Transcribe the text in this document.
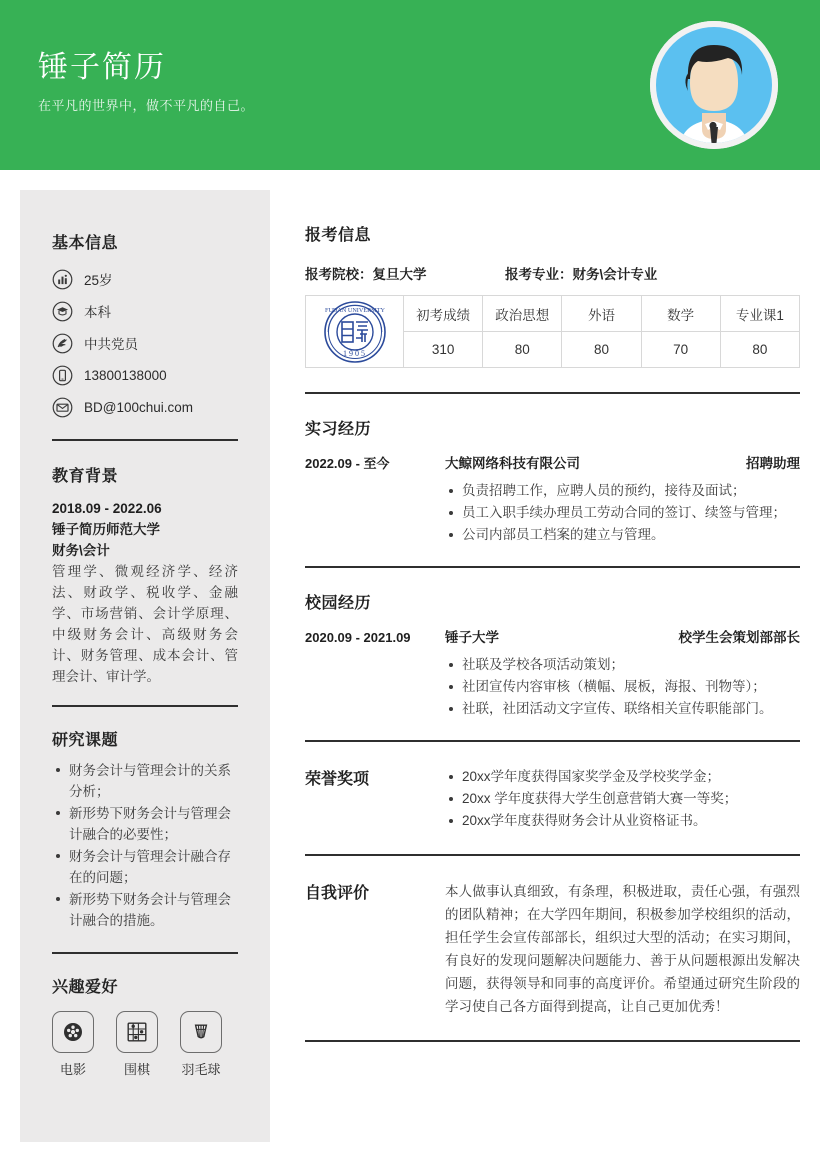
锤子简历
在平凡的世界中，做不平凡的自己。
基本信息
25岁
本科
中共党员
13800138000
BD@100chui.com
教育背景
2018.09 - 2022.06
锤子简历师范大学
财务\会计
管理学、微观经济学、经济法、财政学、税收学、金融学、市场营销、会计学原理、中级财务会计、高级财务会计、财务管理、成本会计、管理会计、审计学。
研究课题
财务会计与管理会计的关系分析；
新形势下财务会计与管理会计融合的必要性；
财务会计与管理会计融合存在的问题；
新形势下财务会计与管理会计融合的措施。
兴趣爱好
电影	围棋	羽毛球
报考信息
报考院校：复旦大学	报考专业：财务\会计专业
FUDAN UNIVERSITY
1905	初考成绩	政治思想	外语	数学	专业课1
	310	80	80	70	80
实习经历
2022.09 - 至今	大鲸网络科技有限公司	招聘助理
负责招聘工作，应聘人员的预约，接待及面试；
员工入职手续办理员工劳动合同的签订、续签与管理；
公司内部员工档案的建立与管理。
校园经历
2020.09 - 2021.09	锤子大学	校学生会策划部部长
社联及学校各项活动策划；
社团宣传内容审核（横幅、展板，海报、刊物等）；
社联，社团活动文字宣传、联络相关宣传职能部门。
荣誉奖项	20xx学年度获得国家奖学金及学校奖学金；
20xx 学年度获得大学生创意营销大赛一等奖；
20xx学年度获得财务会计从业资格证书。
自我评价	本人做事认真细致，有条理，积极进取，责任心强，有强烈的团队精神；在大学四年期间，积极参加学校组织的活动，担任学生会宣传部部长，组织过大型的活动；在实习期间，有良好的发现问题解决问题能力、善于从问题根源出发解决问题，获得领导和同事的高度评价。希望通过研究生阶段的学习使自己各方面得到提高，让自己更加优秀！
